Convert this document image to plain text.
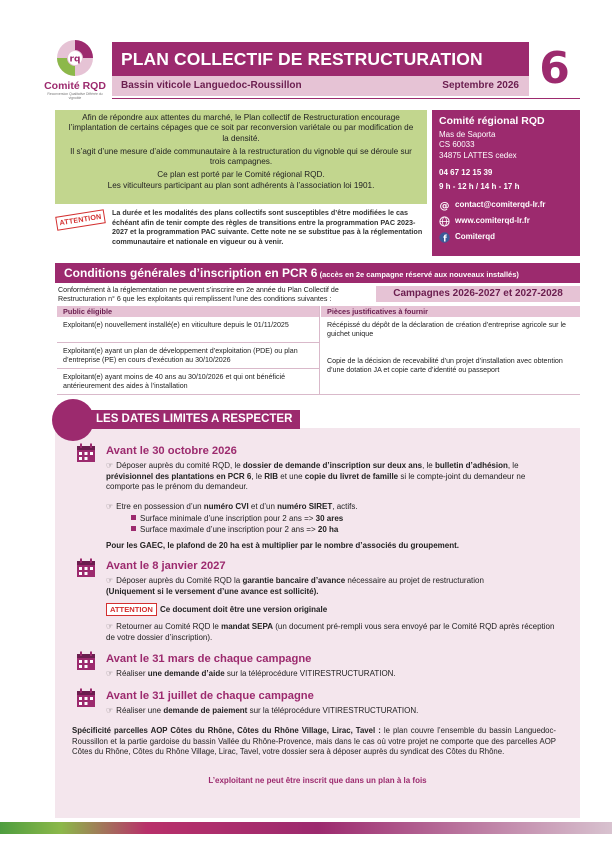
rq
Comité RQD
Reconversion Qualitative Différée du vignoble
PLAN COLLECTIF DE RESTRUCTURATION
Bassin viticole Languedoc-Roussillon	Septembre 2026 6

Afin de répondre aux attentes du marché, le Plan collectif de Restructuration encourage l’implantation de certains cépages que ce soit par reconversion variétale ou par modification de la densité.

Il s’agit d’une mesure d’aide communautaire à la restructuration du vignoble qui se déroule sur trois campagnes.

Ce plan est porté par le Comité régional RQD.

Les viticulteurs participant au plan sont adhérents à l’association loi 1901.

Comité régional RQD
Mas de Saporta
CS 60033
34875 LATTES cedex
04 67 12 15 39
9 h - 12 h / 14 h - 17 h
@ contact@comiterqd-lr.fr
www.comiterqd-lr.fr
f Comiterqd
ATTENTION	La durée et les modalités des plans collectifs sont susceptibles d’être modifiées le cas échéant afin de tenir compte des règles de transitions entre la programmation PAC 2023-2027 et la programmation PAC suivante. Cette note ne se substitue pas à la réglementation communautaire et nationale en vigueur ou à venir.
Conditions générales d’inscription en PCR 6 (accès en 2e campagne réservé aux nouveaux installés)
Conformément à la réglementation ne peuvent s’inscrire en 2e année du Plan Collectif de Restructuration n° 6 que les exploitants qui remplissent l’une des conditions suivantes :	Campagnes 2026-2027 et 2027-2028
Public éligible	Pièces justificatives à fournir
Exploitant(e) nouvellement installé(e) en viticulture depuis le 01/11/2025	Récépissé du dépôt de la déclaration de création d’entreprise agricole sur le guichet unique
Exploitant(e) ayant un plan de développement d’exploitation (PDE) ou plan d’entreprise (PE) en cours d’exécution au 30/10/2026	Copie de la décision de recevabilité d’un projet d’installation avec obtention d’une dotation JA et copie carte d’identité ou passeport
Exploitant(e) ayant moins de 40 ans au 30/10/2026 et qui ont bénéficié antérieurement des aides à l’installation
LES DATES LIMITES A RESPECTER
Avant le 30 octobre 2026
☞ Déposer auprès du comité RQD, le dossier de demande d’inscription sur deux ans, le bulletin d’adhésion, le prévisionnel des plantations en PCR 6, le RIB et une copie du livret de famille si le compte-joint du demandeur ne comporte pas le prénom du demandeur.
☞ Etre en possession d’un numéro CVI et d’un numéro SIRET, actifs.
Surface minimale d’une inscription pour 2 ans => 30 ares
Surface maximale d’une inscription pour 2 ans => 20 ha
Pour les GAEC, le plafond de 20 ha est à multiplier par le nombre d’associés du groupement.
Avant le 8 janvier 2027
☞ Déposer auprès du Comité RQD la garantie bancaire d’avance nécessaire au projet de restructuration
(Uniquement si le versement d’une avance est sollicité).
ATTENTION Ce document doit être une version originale
☞ Retourner au Comité RQD le mandat SEPA (un document pré-rempli vous sera envoyé par le Comité RQD après réception de votre dossier d’inscription).
Avant le 31 mars de chaque campagne
☞ Réaliser une demande d’aide sur la téléprocédure VITIRESTRUCTURATION.
Avant le 31 juillet de chaque campagne
☞ Réaliser une demande de paiement sur la téléprocédure VITIRESTRUCTURATION.
Spécificité parcelles AOP Côtes du Rhône, Côtes du Rhône Village, Lirac, Tavel : le plan couvre l’ensemble du bassin Languedoc-Roussillon et la partie gardoise du bassin Vallée du Rhône-Provence, mais dans le cas où votre projet ne comporte que des parcelles AOP Côtes du Rhône, Côtes du Rhône Village, Lirac, Tavel, votre dossier sera à déposer auprès du syndicat des Côtes du Rhône.
L’exploitant ne peut être inscrit que dans un plan à la fois
